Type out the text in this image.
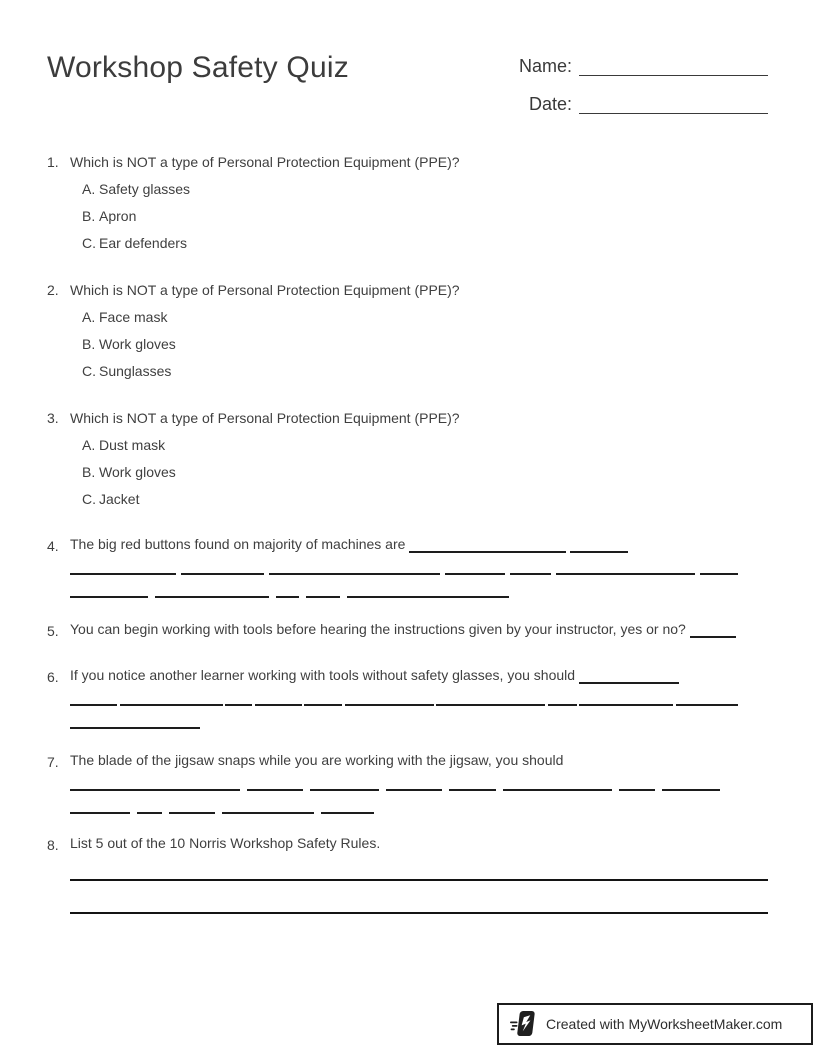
Workshop Safety Quiz	Name:
Date:
1. Which is NOT a type of Personal Protection Equipment (PPE)?
A. Safety glasses
B. Apron
C. Ear defenders
2. Which is NOT a type of Personal Protection Equipment (PPE)?
A. Face mask
B. Work gloves
C. Sunglasses
3. Which is NOT a type of Personal Protection Equipment (PPE)?
A. Dust mask
B. Work gloves
C. Jacket
4. The big red buttons found on majority of machines are
5. You can begin working with tools before hearing the instructions given by your instructor, yes or no?
6. If you notice another learner working with tools without safety glasses, you should
7. The blade of the jigsaw snaps while you are working with the jigsaw, you should
8. List 5 out of the 10 Norris Workshop Safety Rules.
Created with MyWorksheetMaker.com
